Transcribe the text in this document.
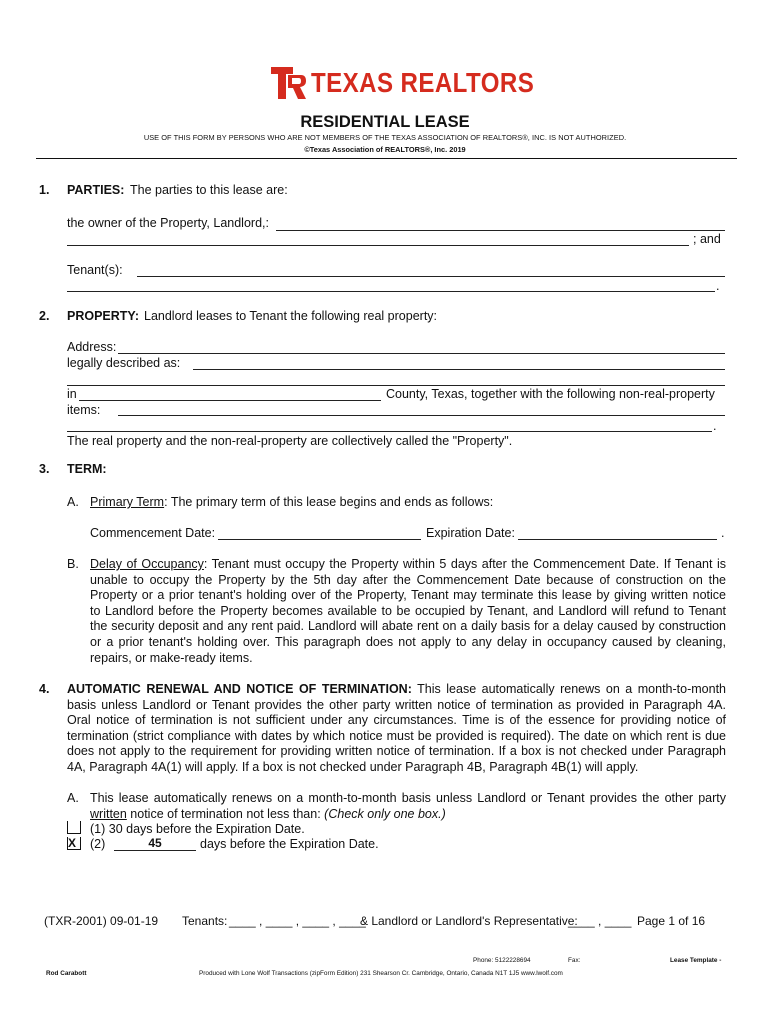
TEXAS REALTORS
RESIDENTIAL LEASE
USE OF THIS FORM BY PERSONS WHO ARE NOT MEMBERS OF THE TEXAS ASSOCIATION OF REALTORS®, INC. IS NOT AUTHORIZED.
©Texas Association of REALTORS®, Inc. 2019
1. PARTIES: The parties to this lease are:
the owner of the Property, Landlord,:
; and
Tenant(s):
.
2. PROPERTY: Landlord leases to Tenant the following real property:
Address:
legally described as:
in	County, Texas, together with the following non-real-property
items:
.
The real property and the non-real-property are collectively called the "Property".
3. TERM:
A. Primary Term: The primary term of this lease begins and ends as follows:
Commencement Date:	Expiration Date:	.
B. Delay of Occupancy: Tenant must occupy the Property within 5 days after the Commencement Date. If Tenant is
unable to occupy the Property by the 5th day after the Commencement Date because of construction on the
Property or a prior tenant's holding over of the Property, Tenant may terminate this lease by giving written notice
to Landlord before the Property becomes available to be occupied by Tenant, and Landlord will refund to Tenant
the security deposit and any rent paid. Landlord will abate rent on a daily basis for a delay caused by construction
or a prior tenant's holding over. This paragraph does not apply to any delay in occupancy caused by cleaning,
repairs, or make-ready items.
4. AUTOMATIC RENEWAL AND NOTICE OF TERMINATION: This lease automatically renews on a month-to-month
basis unless Landlord or Tenant provides the other party written notice of termination as provided in Paragraph 4A.
Oral notice of termination is not sufficient under any circumstances. Time is of the essence for providing notice of
termination (strict compliance with dates by which notice must be provided is required). The date on which rent is due
does not apply to the requirement for providing written notice of termination. If a box is not checked under Paragraph
4A, Paragraph 4A(1) will apply. If a box is not checked under Paragraph 4B, Paragraph 4B(1) will apply.
A. This lease automatically renews on a month-to-month basis unless Landlord or Tenant provides the other party
written notice of termination not less than: (Check only one box.)
(1) 30 days before the Expiration Date.
X (2)	45	days before the Expiration Date.
(TXR-2001) 09-01-19 Tenants: ____ , ____ , ____ , ____
& Landlord or Landlord's Representative:
____ , ____ Page 1 of 16
Phone: 5122228694	Fax:	Lease Template -
Rod Carabott	Produced with Lone Wolf Transactions (zipForm Edition) 231 Shearson Cr. Cambridge, Ontario, Canada N1T 1J5 www.lwolf.com
